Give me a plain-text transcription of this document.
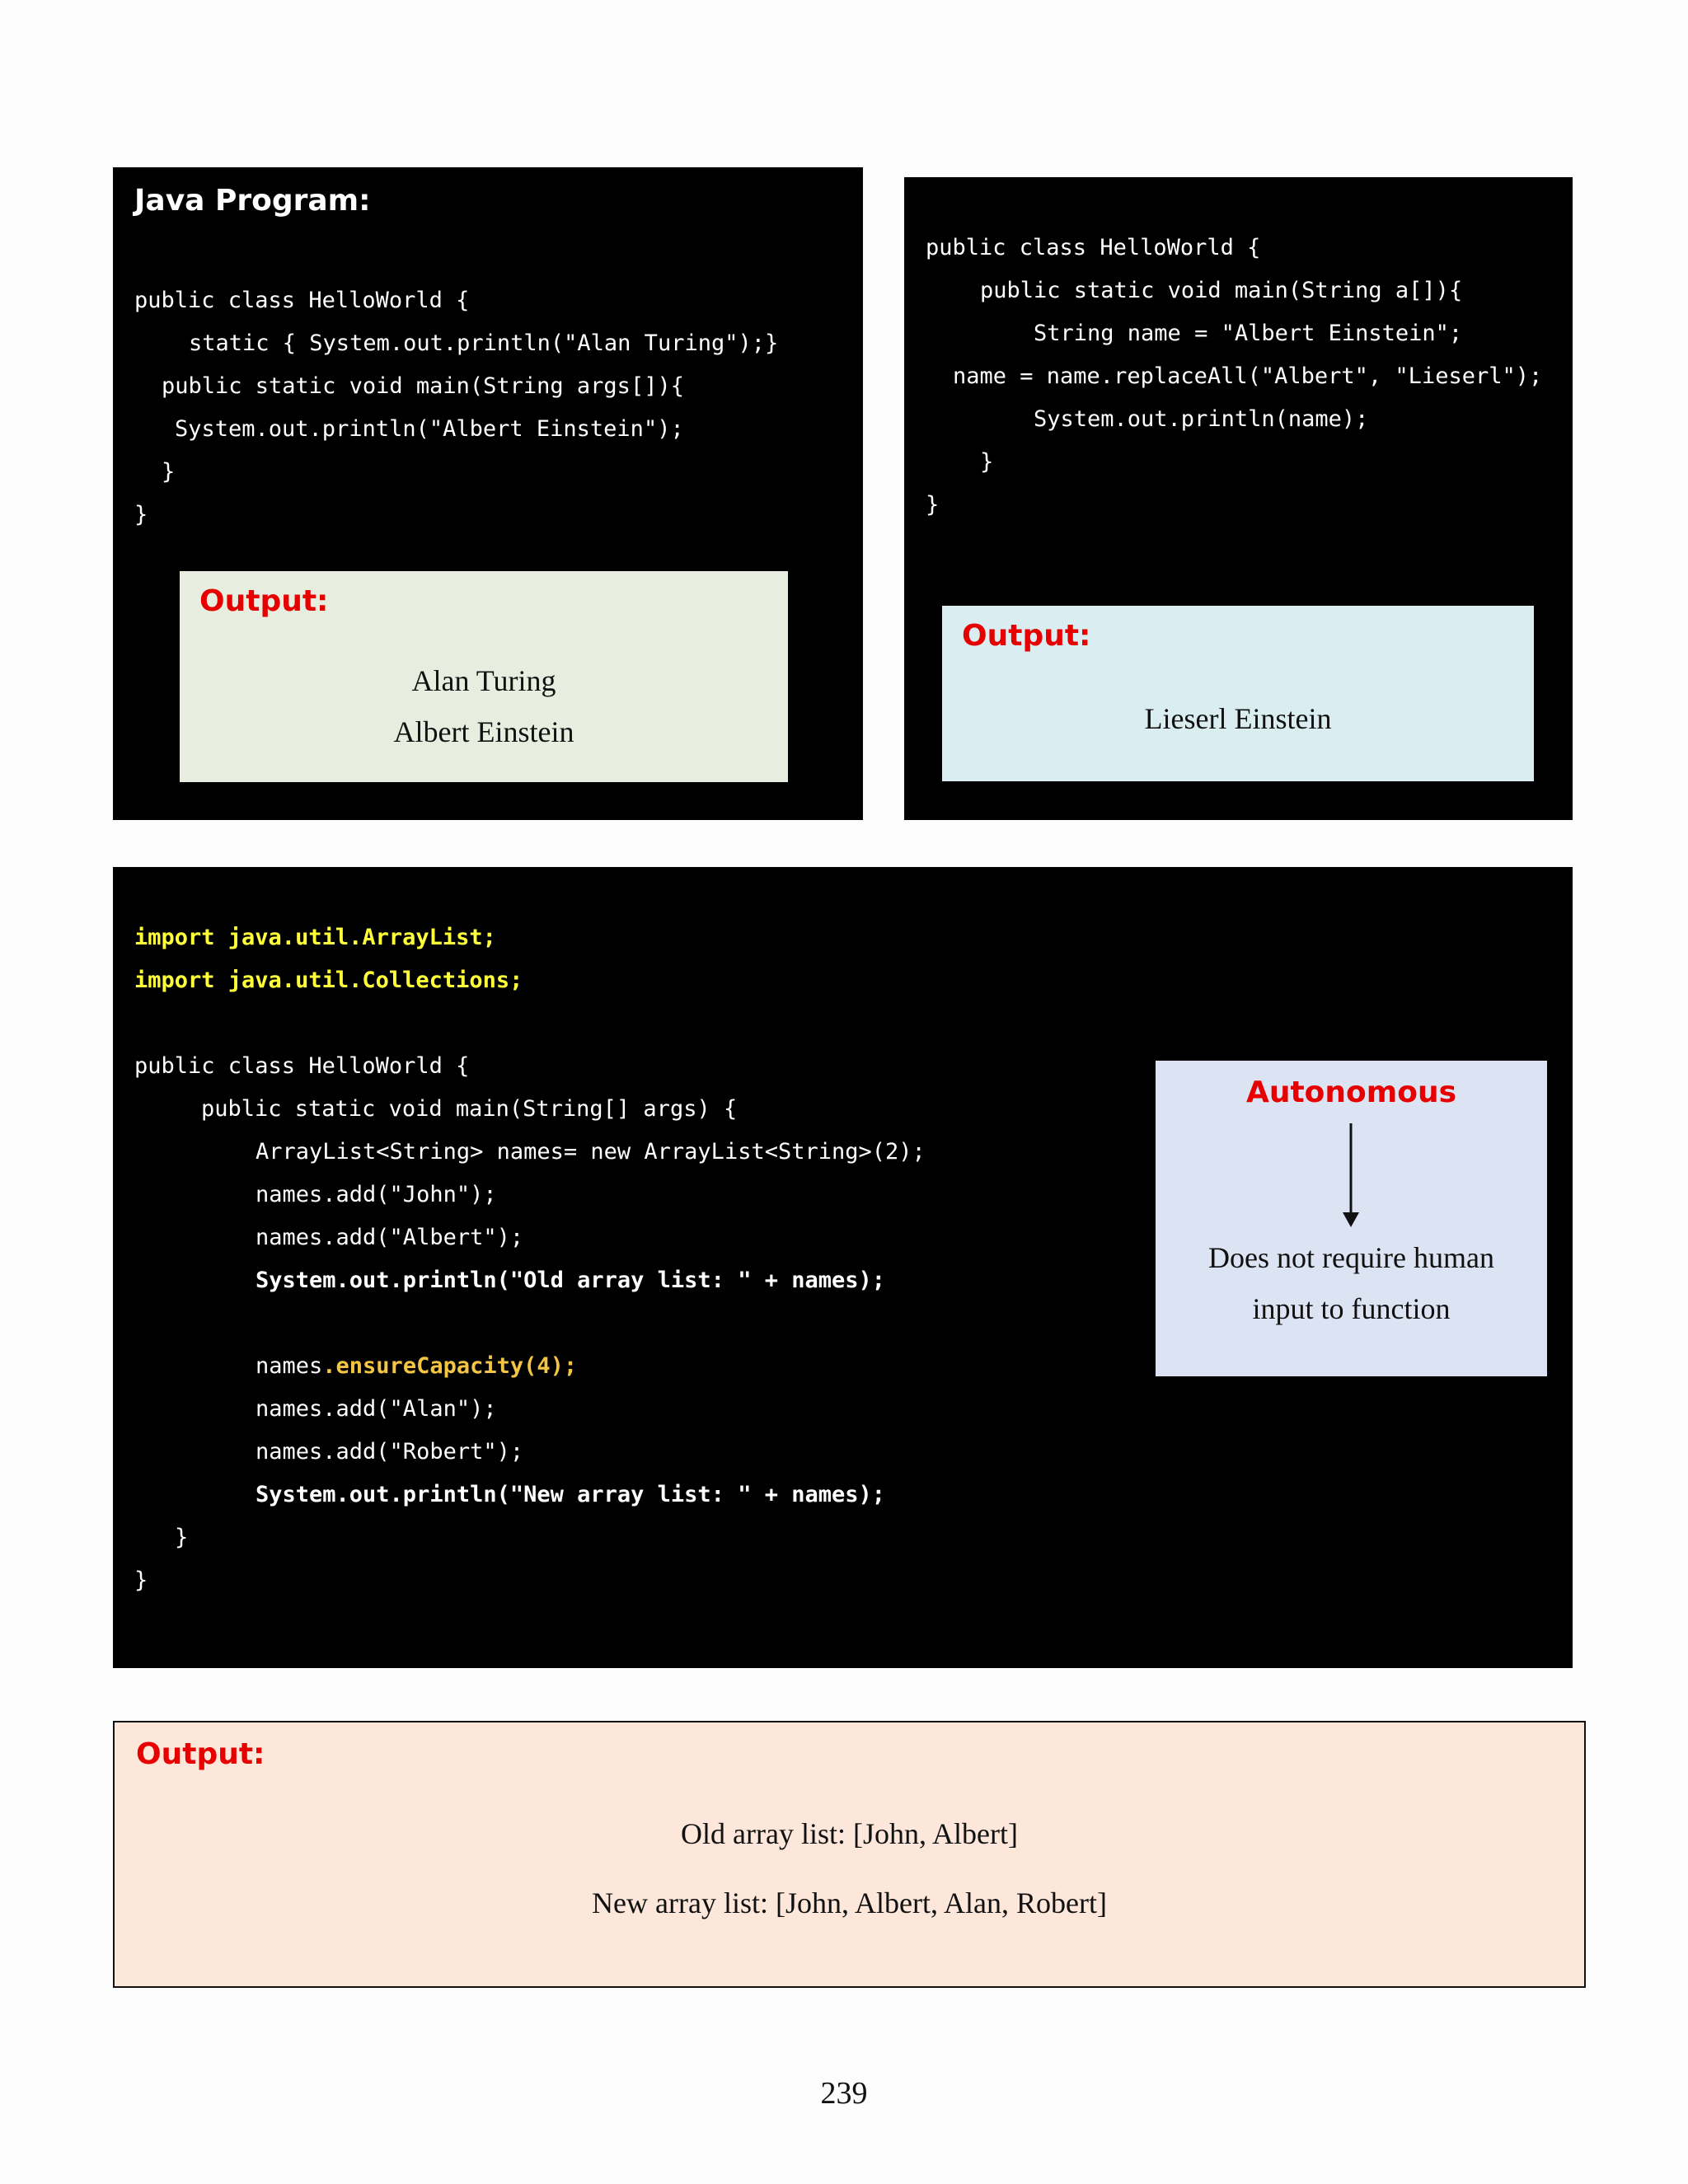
Java Program:
public class HelloWorld {
static { System.out.println("Alan Turing");}
public static void main(String args[]){
System.out.println("Albert Einstein");
}
}
Output:
Alan Turing
Albert Einstein
public class HelloWorld {
public static void main(String a[]){
String name = "Albert Einstein";
name = name.replaceAll("Albert", "Lieserl");
System.out.println(name);
}
}
Output:
Lieserl Einstein
import java.util.ArrayList;
import java.util.Collections;
public class HelloWorld {
public static void main(String[] args) {
ArrayList<String> names= new ArrayList<String>(2);
names.add("John");
names.add("Albert");
System.out.println("Old array list: " + names);
names.ensureCapacity(4);
names.add("Alan");
names.add("Robert");
System.out.println("New array list: " + names);
}
}
Autonomous
Does not require human
input to function
Output:
Old array list: [John, Albert]
New array list: [John, Albert, Alan, Robert]
239
